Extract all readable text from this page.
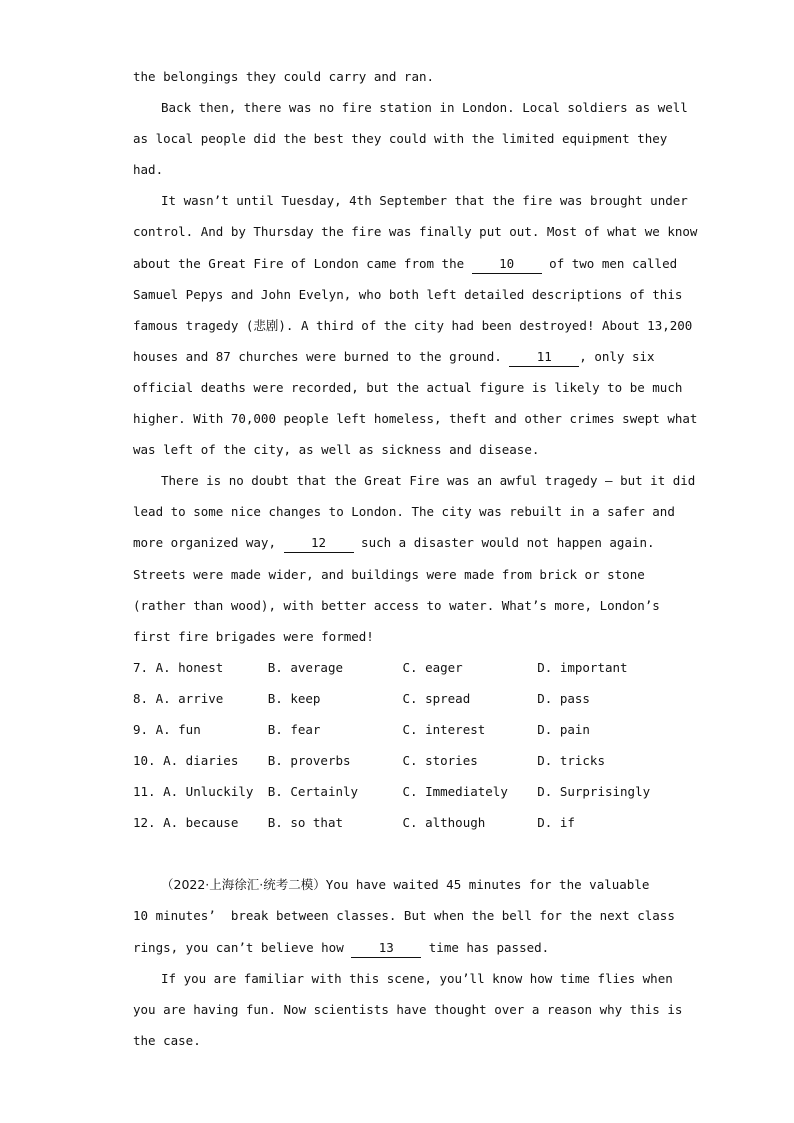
the belongings they could carry and ran.
Back then, there was no fire station in London. Local soldiers as well
as local people did the best they could with the limited equipment they
had.
It wasn’t until Tuesday, 4th September that the fire was brought under
control. And by Thursday the fire was finally put out. Most of what we know
about the Great Fire of London came from the 10 of two men called
Samuel Pepys and John Evelyn, who both left detailed descriptions of this
famous tragedy (悲剧). A third of the city had been destroyed! About 13,200
houses and 87 churches were burned to the ground. 11 , only six
official deaths were recorded, but the actual figure is likely to be much
higher. With 70,000 people left homeless, theft and other crimes swept what
was left of the city, as well as sickness and disease.
There is no doubt that the Great Fire was an awful tragedy – but it did
lead to some nice changes to London. The city was rebuilt in a safer and
more organized way, 12 such a disaster would not happen again.
Streets were made wider, and buildings were made from brick or stone
(rather than wood), with better access to water. What’s more, London’s
first fire brigades were formed!
7. A. honest	B. average	C. eager	D. important
8. A. arrive	B. keep	C. spread	D. pass
9. A. fun	B. fear	C. interest	D. pain
10. A. diaries	B. proverbs	C. stories	D. tricks
11. A. Unluckily	B. Certainly	C. Immediately	D. Surprisingly
12. A. because	B. so that	C. although	D. if
（2022·上海徐汇·统考二模）You have waited 45 minutes for the valuable
10 minutes’  break between classes. But when the bell for the next class
rings, you can’t believe how 13 time has passed.
If you are familiar with this scene, you’ll know how time flies when
you are having fun. Now scientists have thought over a reason why this is
the case.
